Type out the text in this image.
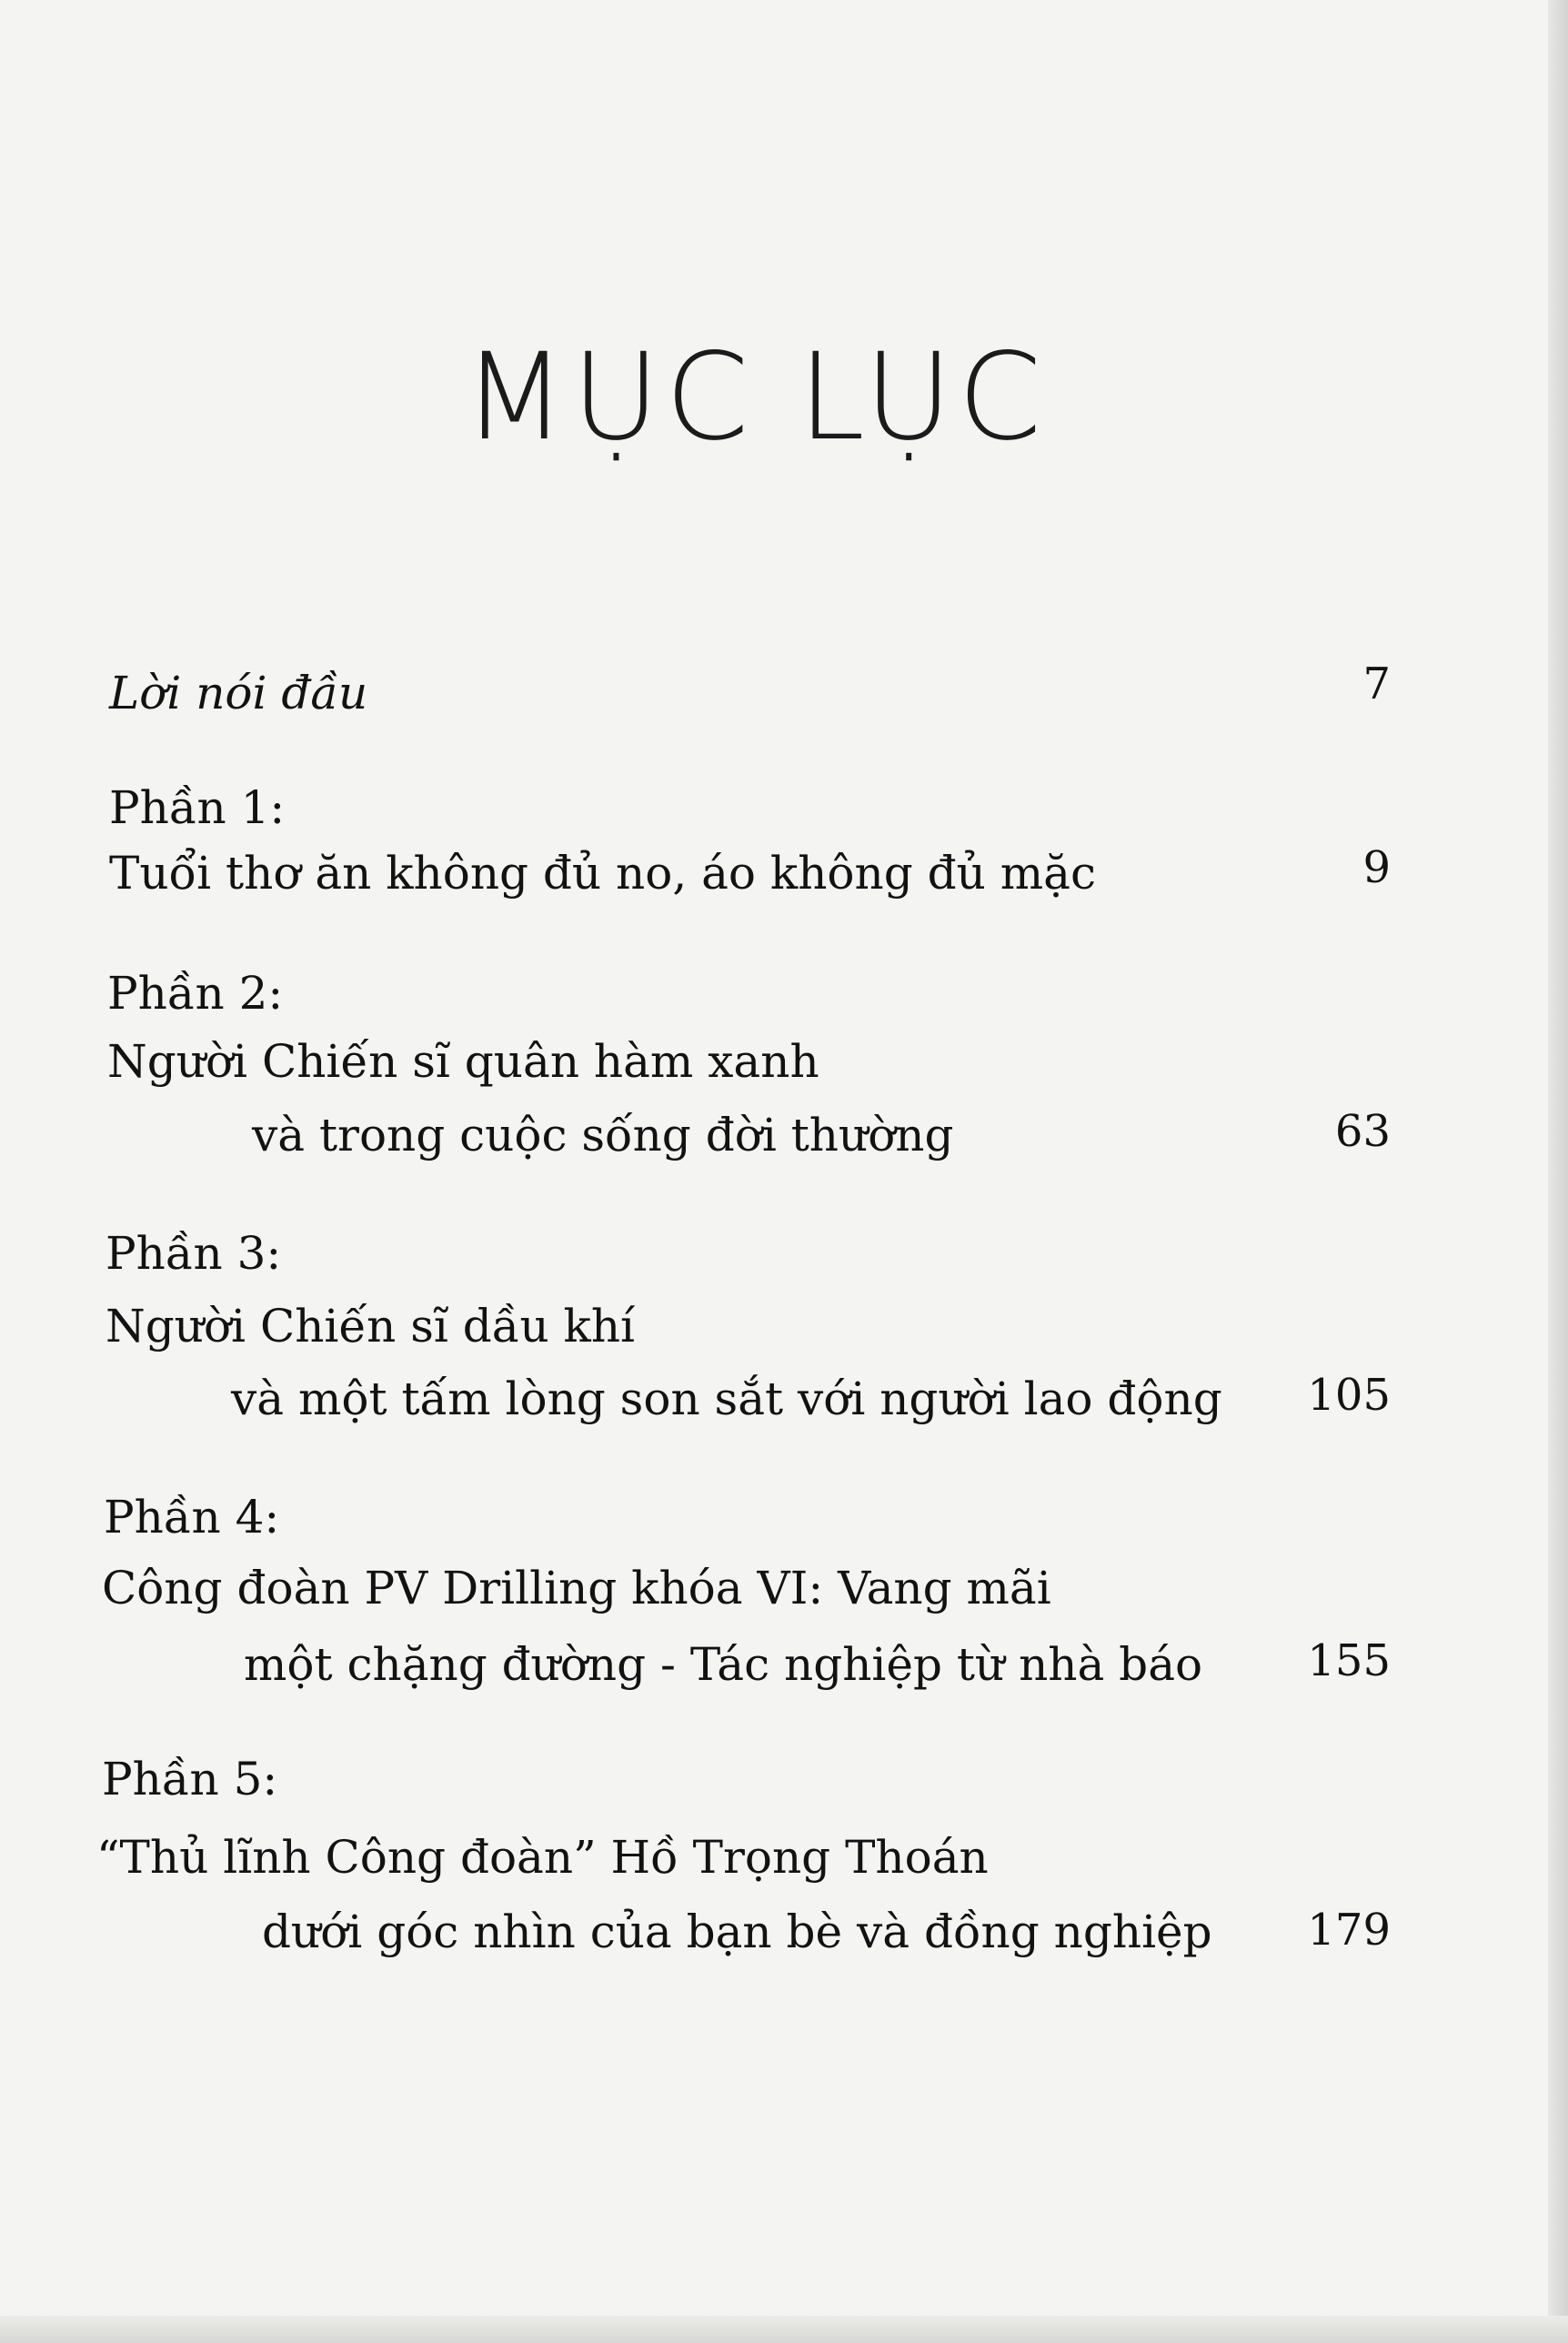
MỤC LỤC
Lời nói đầu	7
Phần 1:
Tuổi thơ ăn không đủ no, áo không đủ mặc	9
Phần 2:
Người Chiến sĩ quân hàm xanh
và trong cuộc sống đời thường	63
Phần 3:
Người Chiến sĩ dầu khí
và một tấm lòng son sắt với người lao động 105
Phần 4:
Công đoàn PV Drilling khóa VI: Vang mãi
một chặng đường - Tác nghiệp từ nhà báo 155
Phần 5:
“Thủ lĩnh Công đoàn” Hồ Trọng Thoán
dưới góc nhìn của bạn bè và đồng nghiệp 179
